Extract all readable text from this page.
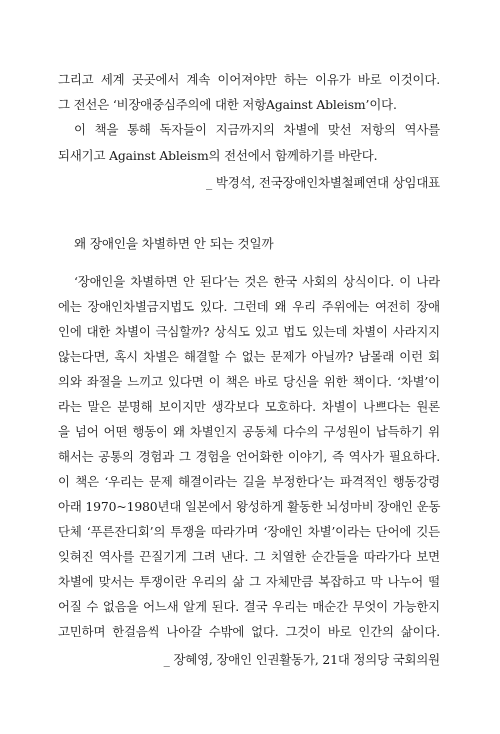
그리고 세계 곳곳에서 계속 이어져야만 하는 이유가 바로 이것이다.
그 전선은 ‘비장애중심주의에 대한 저항Against Ableism’이다.
이 책을 통해 독자들이 지금까지의 차별에 맞선 저항의 역사를
되새기고 Against Ableism의 전선에서 함께하기를 바란다.
_ 박경석, 전국장애인차별철폐연대 상임대표
왜 장애인을 차별하면 안 되는 것일까
‘장애인을 차별하면 안 된다’는 것은 한국 사회의 상식이다. 이 나라
에는 장애인차별금지법도 있다. 그런데 왜 우리 주위에는 여전히 장애
인에 대한 차별이 극심할까? 상식도 있고 법도 있는데 차별이 사라지지
않는다면, 혹시 차별은 해결할 수 없는 문제가 아닐까? 남몰래 이런 회
의와 좌절을 느끼고 있다면 이 책은 바로 당신을 위한 책이다. ‘차별’이
라는 말은 분명해 보이지만 생각보다 모호하다. 차별이 나쁘다는 원론
을 넘어 어떤 행동이 왜 차별인지 공동체 다수의 구성원이 납득하기 위
해서는 공통의 경험과 그 경험을 언어화한 이야기, 즉 역사가 필요하다.
이 책은 ‘우리는 문제 해결이라는 길을 부정한다’는 파격적인 행동강령
아래 1970~1980년대 일본에서 왕성하게 활동한 뇌성마비 장애인 운동
단체 ‘푸른잔디회’의 투쟁을 따라가며 ‘장애인 차별’이라는 단어에 깃든
잊혀진 역사를 끈질기게 그려 낸다. 그 치열한 순간들을 따라가다 보면
차별에 맞서는 투쟁이란 우리의 삶 그 자체만큼 복잡하고 막 나누어 떨
어질 수 없음을 어느새 알게 된다. 결국 우리는 매순간 무엇이 가능한지
고민하며 한걸음씩 나아갈 수밖에 없다. 그것이 바로 인간의 삶이다.
_ 장혜영, 장애인 인권활동가, 21대 정의당 국회의원
